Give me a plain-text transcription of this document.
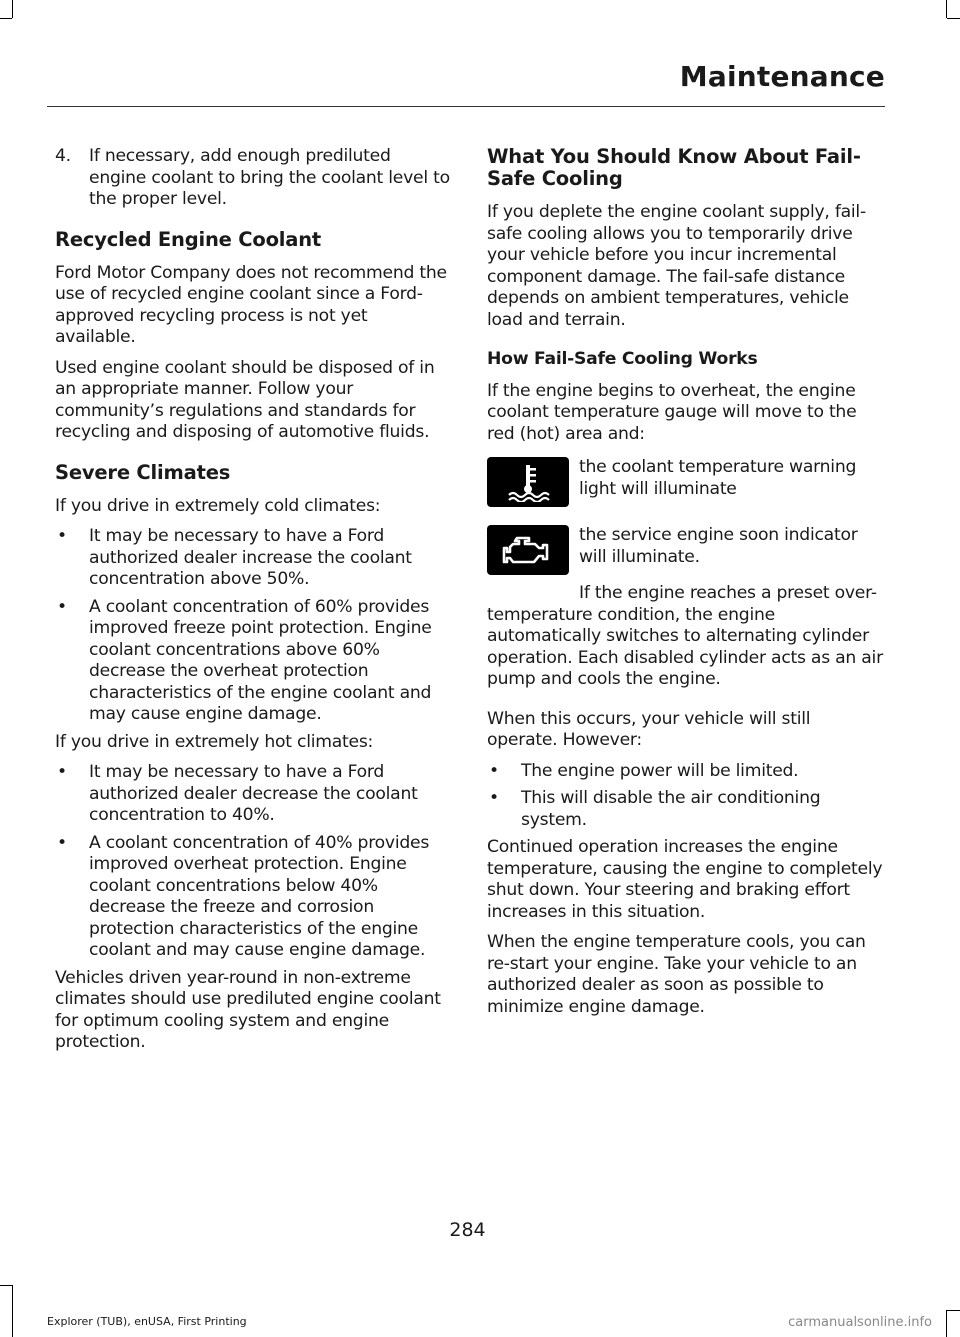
Maintenance
4.	If necessary, add enough prediluted engine coolant to bring the coolant level to the proper level.
Recycled Engine Coolant

Ford Motor Company does not recommend the use of recycled engine coolant since a Ford-approved recycling process is not yet available.

Used engine coolant should be disposed of in an appropriate manner. Follow your community’s regulations and standards for recycling and disposing of automotive fluids.

Severe Climates

If you drive in extremely cold climates:

•	It may be necessary to have a Ford authorized dealer increase the coolant concentration above 50%.
•	A coolant concentration of 60% provides improved freeze point protection. Engine coolant concentrations above 60% decrease the overheat protection characteristics of the engine coolant and may cause engine damage.

If you drive in extremely hot climates:

•	It may be necessary to have a Ford authorized dealer decrease the coolant concentration to 40%.
•	A coolant concentration of 40% provides improved overheat protection. Engine coolant concentrations below 40% decrease the freeze and corrosion protection characteristics of the engine coolant and may cause engine damage.

Vehicles driven year-round in non-extreme climates should use prediluted engine coolant for optimum cooling system and engine protection.

What You Should Know About Fail-Safe Cooling

If you deplete the engine coolant supply, fail-safe cooling allows you to temporarily drive your vehicle before you incur incremental component damage. The fail-safe distance depends on ambient temperatures, vehicle load and terrain.

How Fail-Safe Cooling Works

If the engine begins to overheat, the engine coolant temperature gauge will move to the red (hot) area and:

the coolant temperature warning light will illuminate
the service engine soon indicator will illuminate.

If the engine reaches a preset over-temperature condition, the engine automatically switches to alternating cylinder operation. Each disabled cylinder acts as an air pump and cools the engine.

When this occurs, your vehicle will still operate. However:

•	The engine power will be limited.
•	This will disable the air conditioning system.

Continued operation increases the engine temperature, causing the engine to completely shut down. Your steering and braking effort increases in this situation.

When the engine temperature cools, you can re-start your engine. Take your vehicle to an authorized dealer as soon as possible to minimize engine damage.

284
Explorer (TUB), enUSA, First Printing	carmanualsonline.info
